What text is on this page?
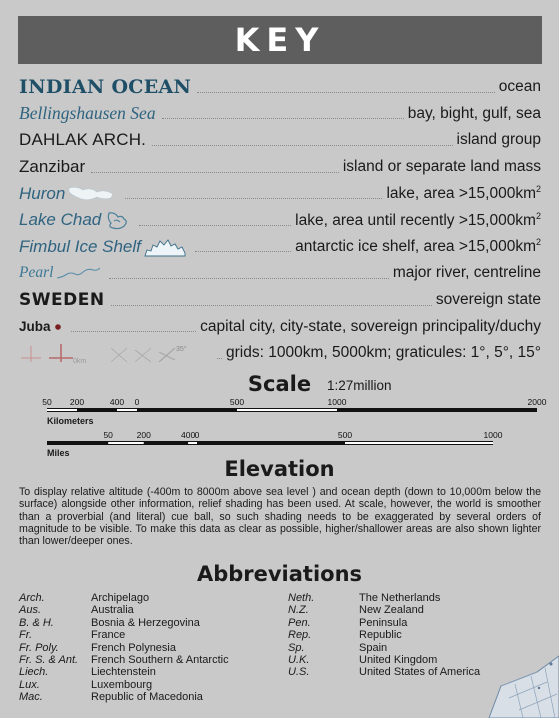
KEY
INDIAN OCEAN	ocean
Bellingshausen Sea	bay, bight, gulf, sea
DAHLAK ARCH.	island group
Zanzibar	island or separate land mass
Huron	lake, area $>15,000km^2$
Lake Chad	lake, area until recently $>15,000km^2$
Fimbul Ice Shelf	antarctic ice shelf, area $>15,000km^2$
Pearl	major river, centreline
SWEDEN	sovereign state
Juba	capital city, city-state, sovereign principality/duchy
0km
35°	grids: 1000km, 5000km; graticules: 1°, 5°, 15°
Scale	1:27million
50 200	400 0	500	1000	2000
Kilometers
50	200	400 0	500	1000
Miles
Elevation
To display relative altitude (-400m to 8000m above sea level ) and ocean depth (down to 10,000m below the surface) alongside other information, relief shading has been used. At scale, however, the world is smoother than a proverbial (and literal) cue ball, so such shading needs to be exaggerated by several orders of magnitude to be visible. To make this data as clear as possible, higher/shallower areas are also shown lighter than lower/deeper ones.
Abbreviations
Arch.	Archipelago
Aus.	Australia
B. & H.	Bosnia & Herzegovina
Fr.	France
Fr. Poly.	French Polynesia
Fr. S. & Ant.	French Southern & Antarctic
Liech.	Liechtenstein
Lux.	Luxembourg
Mac.	Republic of Macedonia
Neth.	The Netherlands
N.Z.	New Zealand
Pen.	Peninsula
Rep.	Republic
Sp.	Spain
U.K.	United Kingdom
U.S.	United States of America
